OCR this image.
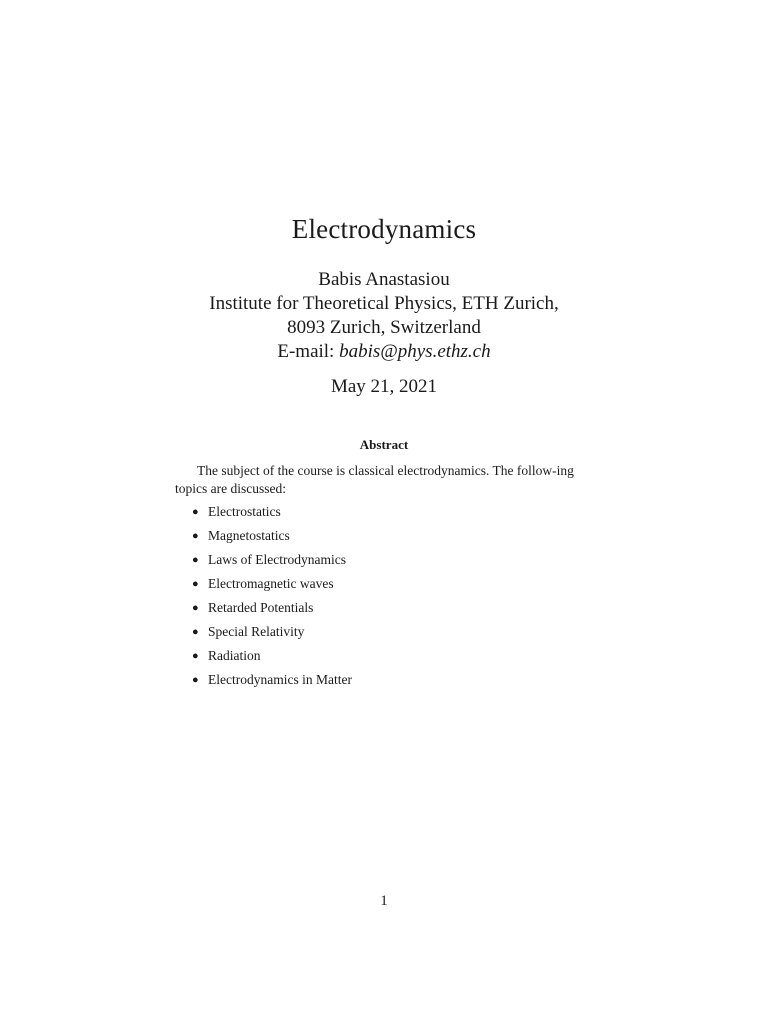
Electrodynamics
Babis Anastasiou
Institute for Theoretical Physics, ETH Zurich,
8093 Zurich, Switzerland
E-mail: babis@phys.ethz.ch
May 21, 2021
Abstract

The subject of the course is classical electrodynamics. The follow-ing topics are discussed:

● Electrostatics
● Magnetostatics
● Laws of Electrodynamics
● Electromagnetic waves
● Retarded Potentials
● Special Relativity
● Radiation
● Electrodynamics in Matter
1
